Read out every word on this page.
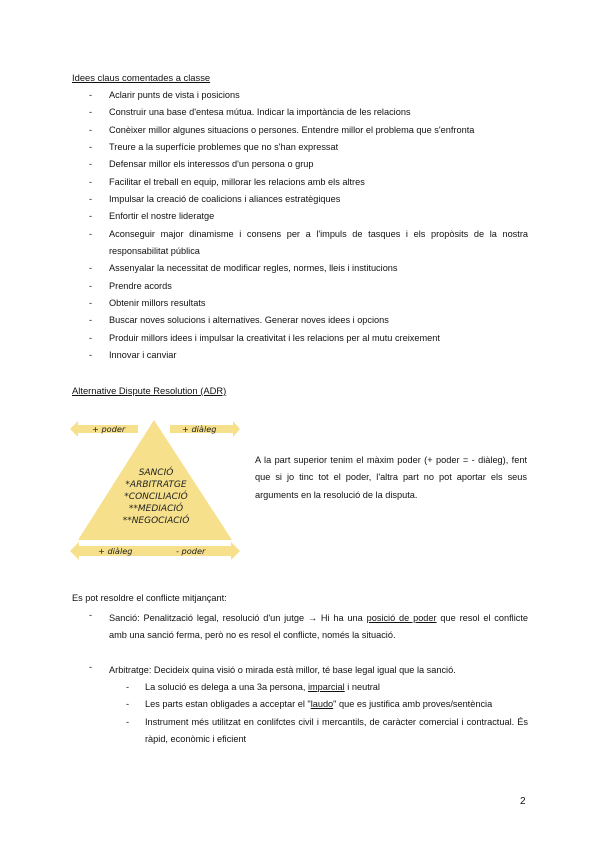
Idees claus comentades a classe
- Aclarir punts de vista i posicions
- Construir una base d'entesa mútua. Indicar la importància de les relacions
- Conèixer millor algunes situacions o persones. Entendre millor el problema que s'enfronta
- Treure a la superfície problemes que no s'han expressat
- Defensar millor els interessos d'un persona o grup
- Facilitar el treball en equip, millorar les relacions amb els altres
- Impulsar la creació de coalicions i aliances estratègiques
- Enfortir el nostre lideratge
- Aconseguir major dinamisme i consens per a l'impuls de tasques i els propòsits de la nostra responsabilitat pública
- Assenyalar la necessitat de modificar regles, normes, lleis i institucions
- Prendre acords
- Obtenir millors resultats
- Buscar noves solucions i alternatives. Generar noves idees i opcions
- Produir millors idees i impulsar la creativitat i les relacions per al mutu creixement
- Innovar i canviar
Alternative Dispute Resolution (ADR)
+ poder	+ diàleg
+ diàleg	- poder
SANCIÓ
*ARBITRATGE
*CONCILIACIÓ
**MEDIACIÓ
**NEGOCIACIÓ
A la part superior tenim el màxim poder (+ poder = - diàleg), fent que si jo tinc tot el poder, l'altra part no pot aportar els seus arguments en la resolució de la disputa.
Es pot resoldre el conflicte mitjançant:
- Sanció: Penalització legal, resolució d'un jutge → Hi ha una posició de poder que resol el conflicte amb una sanció ferma, però no es resol el conflicte, només la situació.
- Arbitratge: Decideix quina visió o mirada està millor, té base legal igual que la sanció.
- La solució es delega a una 3a persona, imparcial i neutral
- Les parts estan obligades a acceptar el "laudo" que es justifica amb proves/sentència
- Instrument més utilitzat en conlifctes civil i mercantils, de caràcter comercial i contractual. És ràpid, econòmic i eficient
2
